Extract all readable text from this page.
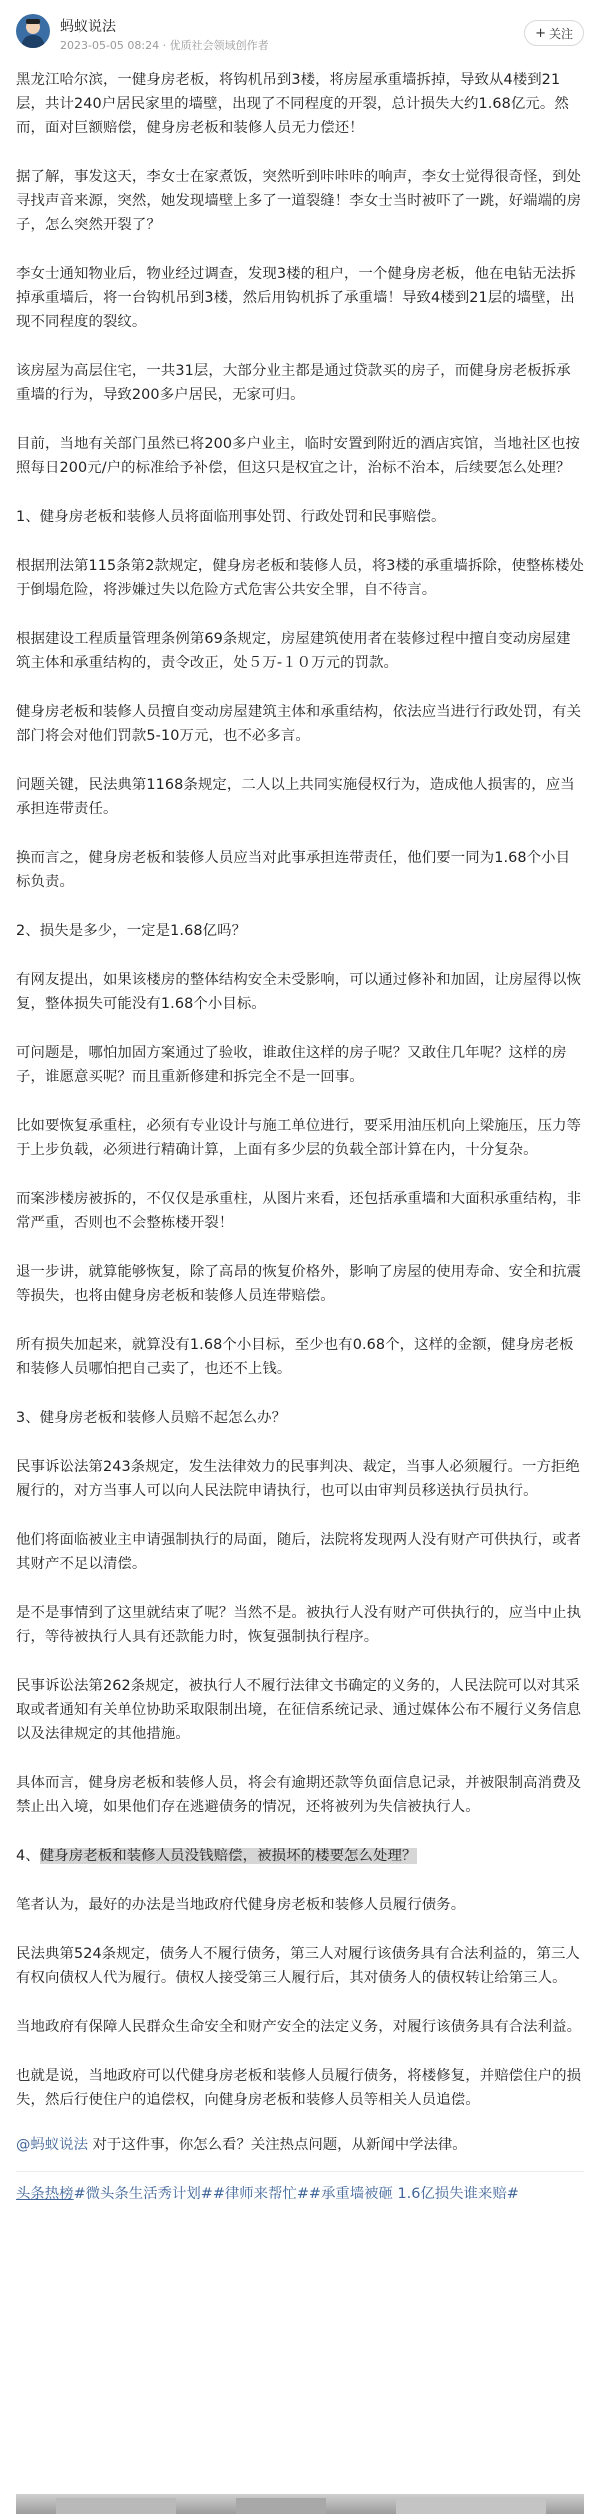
蚂蚁说法
2023-05-05 08:24 · 优质社会领域创作者
+ 关注

黑龙江哈尔滨，一健身房老板，将钩机吊到3楼，将房屋承重墙拆掉，导致从4楼到21层，共计240户居民家里的墙壁，出现了不同程度的开裂，总计损失大约1.68亿元。然而，面对巨额赔偿，健身房老板和装修人员无力偿还！

据了解，事发这天，李女士在家煮饭，突然听到咔咔咔的响声，李女士觉得很奇怪，到处寻找声音来源，突然，她发现墙壁上多了一道裂缝！李女士当时被吓了一跳，好端端的房子，怎么突然开裂了？

李女士通知物业后，物业经过调查，发现3楼的租户，一个健身房老板，他在电钻无法拆掉承重墙后，将一台钩机吊到3楼，然后用钩机拆了承重墙！导致4楼到21层的墙壁，出现不同程度的裂纹。

该房屋为高层住宅，一共31层，大部分业主都是通过贷款买的房子，而健身房老板拆承重墙的行为，导致200多户居民，无家可归。

目前，当地有关部门虽然已将200多户业主，临时安置到附近的酒店宾馆，当地社区也按照每日200元/户的标准给予补偿，但这只是权宜之计，治标不治本，后续要怎么处理？

1、健身房老板和装修人员将面临刑事处罚、行政处罚和民事赔偿。

根据刑法第115条第2款规定，健身房老板和装修人员，将3楼的承重墙拆除，使整栋楼处于倒塌危险，将涉嫌过失以危险方式危害公共安全罪，自不待言。

根据建设工程质量管理条例第69条规定，房屋建筑使用者在装修过程中擅自变动房屋建筑主体和承重结构的，责令改正，处５万-１０万元的罚款。

健身房老板和装修人员擅自变动房屋建筑主体和承重结构，依法应当进行行政处罚，有关部门将会对他们罚款5-10万元，也不必多言。

问题关键，民法典第1168条规定，二人以上共同实施侵权行为，造成他人损害的，应当承担连带责任。

换而言之，健身房老板和装修人员应当对此事承担连带责任，他们要一同为1.68个小目标负责。

2、损失是多少，一定是1.68亿吗？

有网友提出，如果该楼房的整体结构安全未受影响，可以通过修补和加固，让房屋得以恢复，整体损失可能没有1.68个小目标。

可问题是，哪怕加固方案通过了验收，谁敢住这样的房子呢？又敢住几年呢？这样的房子，谁愿意买呢？而且重新修建和拆完全不是一回事。

比如要恢复承重柱，必须有专业设计与施工单位进行，要采用油压机向上梁施压，压力等于上步负载，必须进行精确计算，上面有多少层的负载全部计算在内，十分复杂。

而案涉楼房被拆的，不仅仅是承重柱，从图片来看，还包括承重墙和大面积承重结构，非常严重，否则也不会整栋楼开裂！

退一步讲，就算能够恢复，除了高昂的恢复价格外，影响了房屋的使用寿命、安全和抗震等损失，也将由健身房老板和装修人员连带赔偿。

所有损失加起来，就算没有1.68个小目标，至少也有0.68个，这样的金额，健身房老板和装修人员哪怕把自己卖了，也还不上钱。

3、健身房老板和装修人员赔不起怎么办？

民事诉讼法第243条规定，发生法律效力的民事判决、裁定，当事人必须履行。一方拒绝履行的，对方当事人可以向人民法院申请执行，也可以由审判员移送执行员执行。

他们将面临被业主申请强制执行的局面，随后，法院将发现两人没有财产可供执行，或者其财产不足以清偿。

是不是事情到了这里就结束了呢？当然不是。被执行人没有财产可供执行的，应当中止执行，等待被执行人具有还款能力时，恢复强制执行程序。

民事诉讼法第262条规定，被执行人不履行法律文书确定的义务的，人民法院可以对其采取或者通知有关单位协助采取限制出境，在征信系统记录、通过媒体公布不履行义务信息以及法律规定的其他措施。

具体而言，健身房老板和装修人员，将会有逾期还款等负面信息记录，并被限制高消费及禁止出入境，如果他们存在逃避债务的情况，还将被列为失信被执行人。

4、健身房老板和装修人员没钱赔偿，被损坏的楼要怎么处理？

笔者认为，最好的办法是当地政府代健身房老板和装修人员履行债务。

民法典第524条规定，债务人不履行债务，第三人对履行该债务具有合法利益的，第三人有权向债权人代为履行。债权人接受第三人履行后，其对债务人的债权转让给第三人。

当地政府有保障人民群众生命安全和财产安全的法定义务，对履行该债务具有合法利益。

也就是说，当地政府可以代健身房老板和装修人员履行债务，将楼修复，并赔偿住户的损失，然后行使住户的追偿权，向健身房老板和装修人员等相关人员追偿。

@蚂蚁说法 对于这件事，你怎么看？关注热点问题，从新闻中学法律。

头条热榜#微头条生活秀计划##律师来帮忙##承重墙被砸 1.6亿损失谁来赔#
